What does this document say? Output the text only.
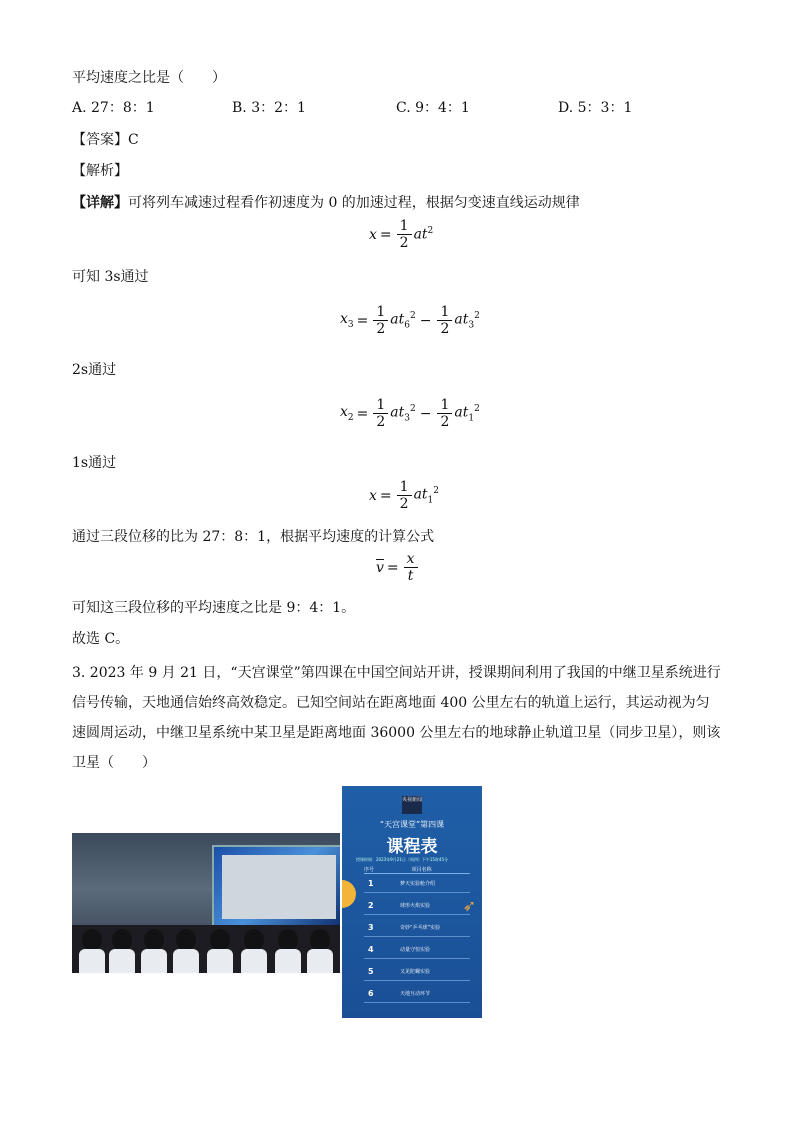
平均速度之比是（　　）
A. 27：8：1	B. 3：2：1	C. 9：4：1	D. 5：3：1
【答案】C
【解析】
【详解】可将列车减速过程看作初速度为 0 的加速过程，根据匀变速直线运动规律
$x = \frac{1}{2} at^2$
可知 3s通过
$x_3 = \frac{1}{2} at_6^2 - \frac{1}{2} at_3^2$
2s通过
$x_2 = \frac{1}{2} at_3^2 - \frac{1}{2} at_1^2$
1s通过
$x = \frac{1}{2} at_1^2$
通过三段位移的比为 27：8：1，根据平均速度的计算公式
$\overline{v} = \frac{x}{t}$
可知这三段位移的平均速度之比是 9：4：1。
故选 C。
3. 2023 年 9 月 21 日，“天宫课堂”第四课在中国空间站开讲，授课期间利用了我国的中继卫星系统进行信号传输，天地通信始终高效稳定。已知空间站在距离地面 400 公里左右的轨道上运行，其运动视为匀速圆周运动，中继卫星系统中某卫星是距离地面 36000 公里左右的地球静止轨道卫星（同步卫星），则该卫星（　　）
央视新闻
“天宫课堂”第四课
课程表
授课时间：2023年9月21日（周四）下午15时45分
➶
序号	项目名称
1	梦天实验舱介绍
2	球形火焰实验
3	奇妙“乒乓球”实验
4	动量守恒实验
5	又见陀螺实验
6	天地互动环节
